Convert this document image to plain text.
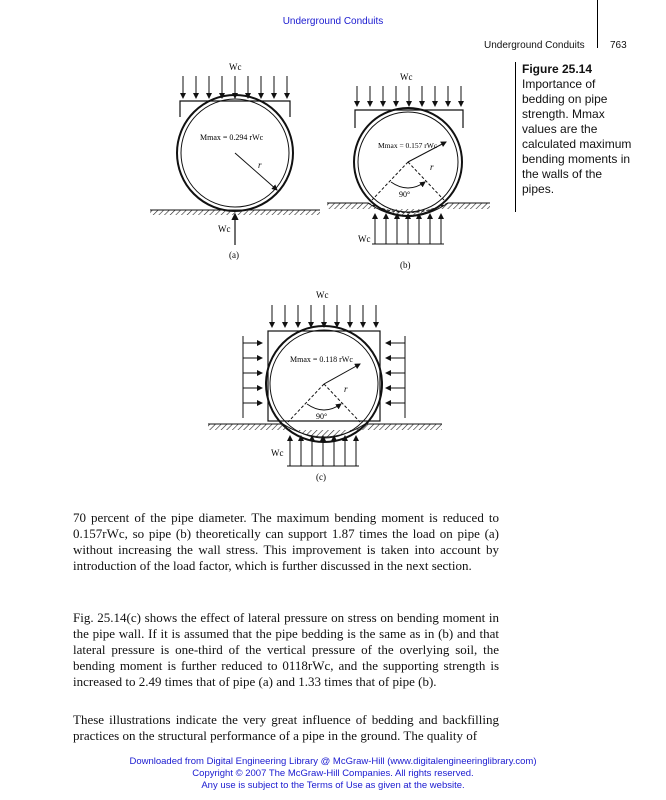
Underground Conduits
Underground Conduits	763
Figure 25.14
Importance of bedding on pipe strength. Mmax values are the calculated maximum bending moments in the walls of the pipes.
Wc
Mmax = 0.294 rWc
r
Wc
(a)
Wc
Mmax = 0.157 rWc
r
90°
Wc
(b)
Wc
Mmax = 0.118 rWc
r
90°
Wc
(c)

70 percent of the pipe diameter. The maximum bending moment is reduced to 0.157rWc, so pipe (b) theoretically can support 1.87 times the load on pipe (a) without increasing the wall stress. This improvement is taken into account by introduction of the load factor, which is further discussed in the next section.

Fig. 25.14(c) shows the effect of lateral pressure on stress on bending moment in the pipe wall. If it is assumed that the pipe bedding is the same as in (b) and that lateral pressure is one-third of the vertical pressure of the overlying soil, the bending moment is further reduced to 0118rWc, and the supporting strength is increased to 2.49 times that of pipe (a) and 1.33 times that of pipe (b).

These illustrations indicate the very great influence of bedding and backfilling practices on the structural performance of a pipe in the ground. The quality of

Downloaded from Digital Engineering Library @ McGraw-Hill (www.digitalengineeringlibrary.com)
Copyright © 2007 The McGraw-Hill Companies. All rights reserved.
Any use is subject to the Terms of Use as given at the website.
